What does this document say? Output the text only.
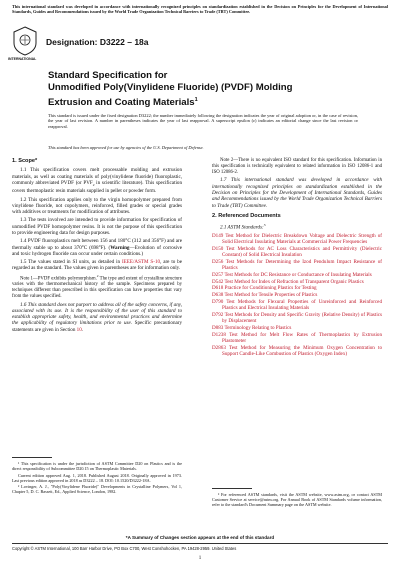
This international standard was developed in accordance with internationally recognized principles on standardization established in the Decision on Principles for the Development of International Standards, Guides and Recommendations issued by the World Trade Organization Technical Barriers to Trade (TBT) Committee.
INTERNATIONAL
Designation: D3222 – 18a
Standard Specification for
Unmodified Poly(Vinylidene Fluoride) (PVDF) Molding
Extrusion and Coating Materials$^1$
This standard is issued under the fixed designation D3222; the number immediately following the designation indicates the year of original adoption or, in the case of revision, the year of last revision. A number in parentheses indicates the year of last reapproval. A superscript epsilon (ε) indicates an editorial change since the last revision or reapproval.
This standard has been approved for use by agencies of the U.S. Department of Defense.
1. Scope*

1.1 This specification covers melt processable molding and extrusion materials, as well as coating materials of poly(vinylidene fluoride) fluoroplastic, commonly abbreviated PVDF (or $PVF_2$ in scientific literature). This specification covers thermoplastic resin materials supplied in pellet or powder form.

1.2 This specification applies only to the virgin homopolymer prepared from vinylidene fluoride, not copolymers, reinforced, filled grades or special grades with additives or treatments for modification of attributes.

1.3 The tests involved are intended to provide information for specification of unmodified PVDF homopolymer resins. It is not the purpose of this specification to provide engineering data for design purposes.

1.4 PVDF fluoroplastics melt between 156 and 180°C (312 and 356°F) and are thermally stable up to about 370°C (698°F). (Warning—Evolution of corrosive and toxic hydrogen fluoride can occur under certain conditions.)

1.5 The values stated in SI units, as detailed in IEEE/ASTM S-10, are to be regarded as the standard. The values given in parentheses are for information only.

Note 1—PVDF exhibits polymorphism.$^2$ The type and extent of crystalline structure varies with the thermomechanical history of the sample. Specimens prepared by techniques different than prescribed in this specification can have properties that vary from the values specified.

1.6 This standard does not purport to address all of the safety concerns, if any, associated with its use. It is the responsibility of the user of this standard to establish appropriate safety, health, and environmental practices and determine the applicability of regulatory limitations prior to use. Specific precautionary statements are given in Section 10.

¹ This specification is under the jurisdiction of ASTM Committee D20 on Plastics and is the direct responsibility of Subcommittee D20.15 on Thermoplastic Materials.

Current edition approved Aug. 1, 2018. Published August 2018. Originally approved in 1973. Last previous edition approved in 2018 as D3222 – 18. DOI: 10.1520/D3222-18A.

² Lovinger, A. J., "Poly(Vinylidene Fluoride)" Developments in Crystalline Polymers, Vol 1, Chapter 5, D. C. Bassett, Ed., Applied Science, London, 1982.

Note 2—There is no equivalent ISO standard for this specification. Information in this specification is technically equivalent to related information in ISO 12086-1 and ISO 12086-2.

1.7 This international standard was developed in accordance with internationally recognized principles on standardization established in the Decision on Principles for the Development of International Standards, Guides and Recommendations issued by the World Trade Organization Technical Barriers to Trade (TBT) Committee.

2. Referenced Documents

2.1 ASTM Standards:$^3$

D149 Test Method for Dielectric Breakdown Voltage and Dielectric Strength of Solid Electrical Insulating Materials at Commercial Power Frequencies
D150 Test Methods for AC Loss Characteristics and Permittivity (Dielectric Constant) of Solid Electrical Insulation
D256 Test Methods for Determining the Izod Pendulum Impact Resistance of Plastics
D257 Test Methods for DC Resistance or Conductance of Insulating Materials
D542 Test Method for Index of Refraction of Transparent Organic Plastics
D618 Practice for Conditioning Plastics for Testing
D638 Test Method for Tensile Properties of Plastics
D790 Test Methods for Flexural Properties of Unreinforced and Reinforced Plastics and Electrical Insulating Materials
D792 Test Methods for Density and Specific Gravity (Relative Density) of Plastics by Displacement
D883 Terminology Relating to Plastics
D1238 Test Method for Melt Flow Rates of Thermoplastics by Extrusion Plastometer
D2863 Test Method for Measuring the Minimum Oxygen Concentration to Support Candle-Like Combustion of Plastics (Oxygen Index)
³ For referenced ASTM standards, visit the ASTM website, www.astm.org, or contact ASTM Customer Service at service@astm.org. For Annual Book of ASTM Standards volume information, refer to the standard's Document Summary page on the ASTM website.
*A Summary of Changes section appears at the end of this standard
Copyright © ASTM International, 100 Barr Harbor Drive, PO Box C700, West Conshohocken, PA 19428-2959. United States
1
